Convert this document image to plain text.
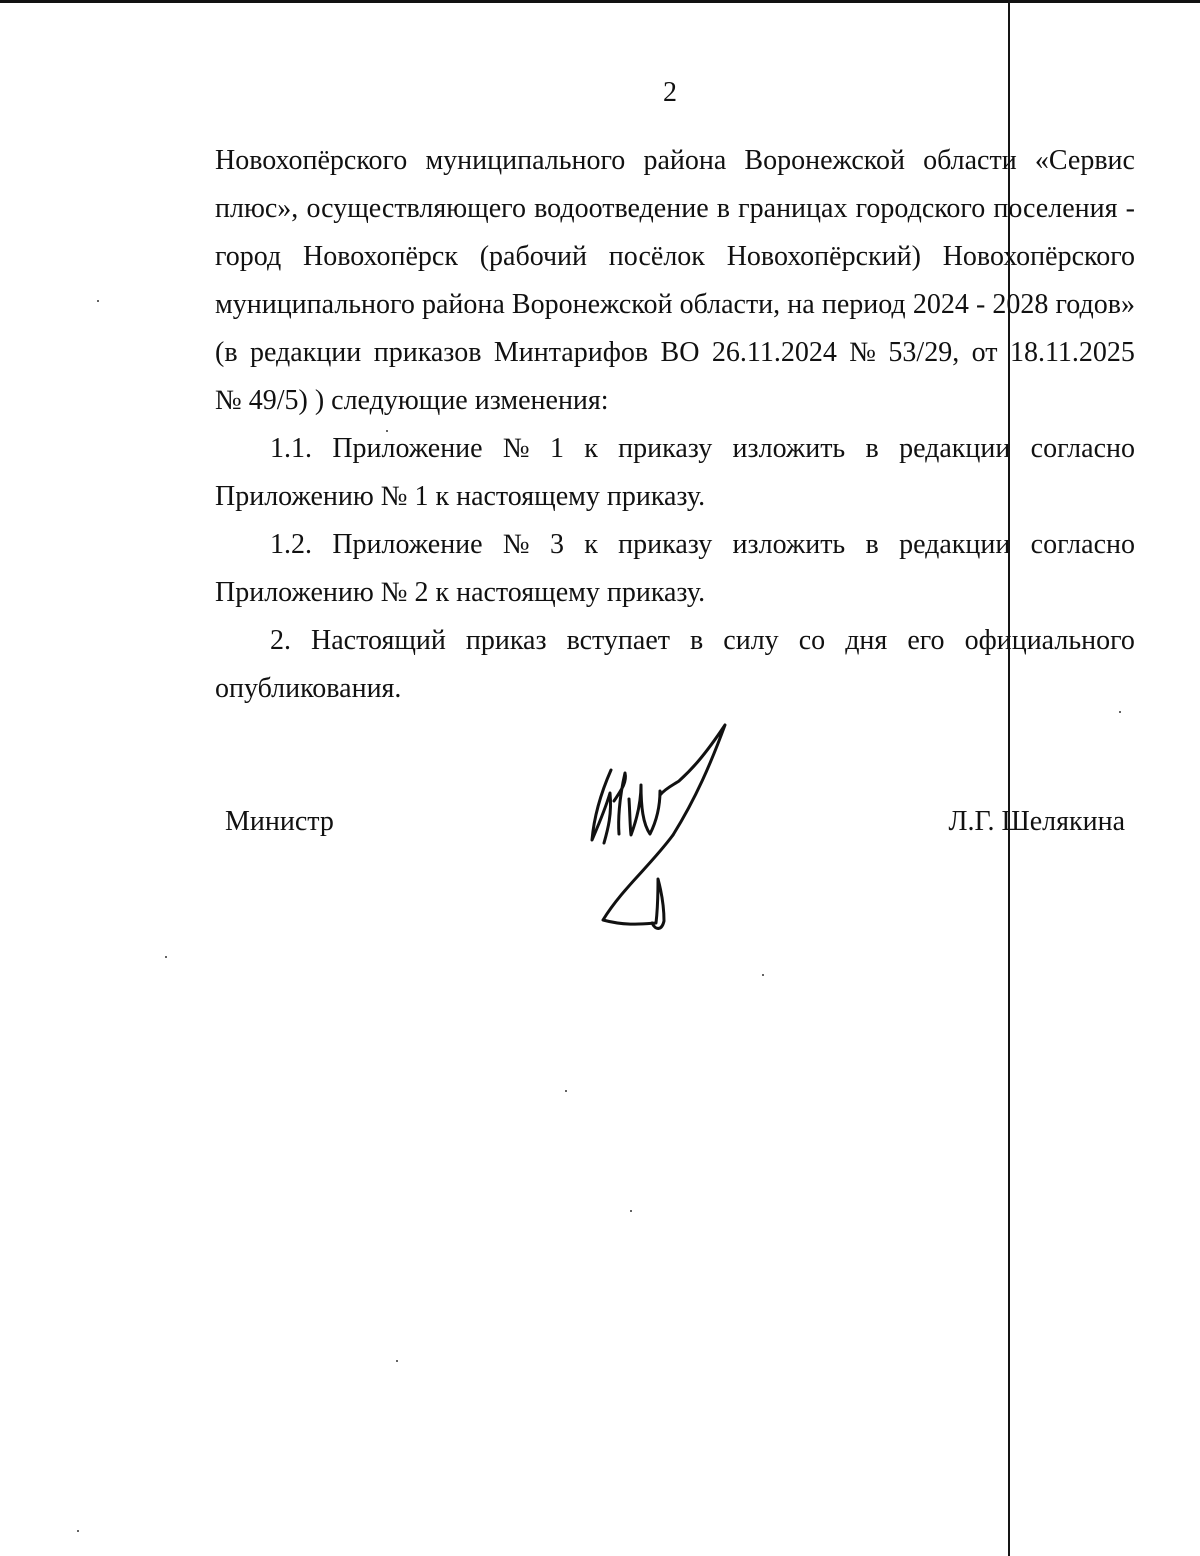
2
Новохопёрского муниципального района Воронежской области «Сервис
плюс», осуществляющего водоотведение в границах городского поселения -
город Новохопёрск (рабочий посёлок Новохопёрский) Новохопёрского
муниципального района Воронежской области, на период 2024 - 2028 годов»
(в редакции приказов Минтарифов ВО 26.11.2024 № 53/29, от 18.11.2025
№ 49/5) ) следующие изменения:
1.1. Приложение № 1 к приказу изложить в редакции согласно
Приложению № 1 к настоящему приказу.
1.2. Приложение № 3 к приказу изложить в редакции согласно
Приложению № 2 к настоящему приказу.
2. Настоящий приказ вступает в силу со дня его официального
опубликования.
Министр	Л.Г. Шелякина
